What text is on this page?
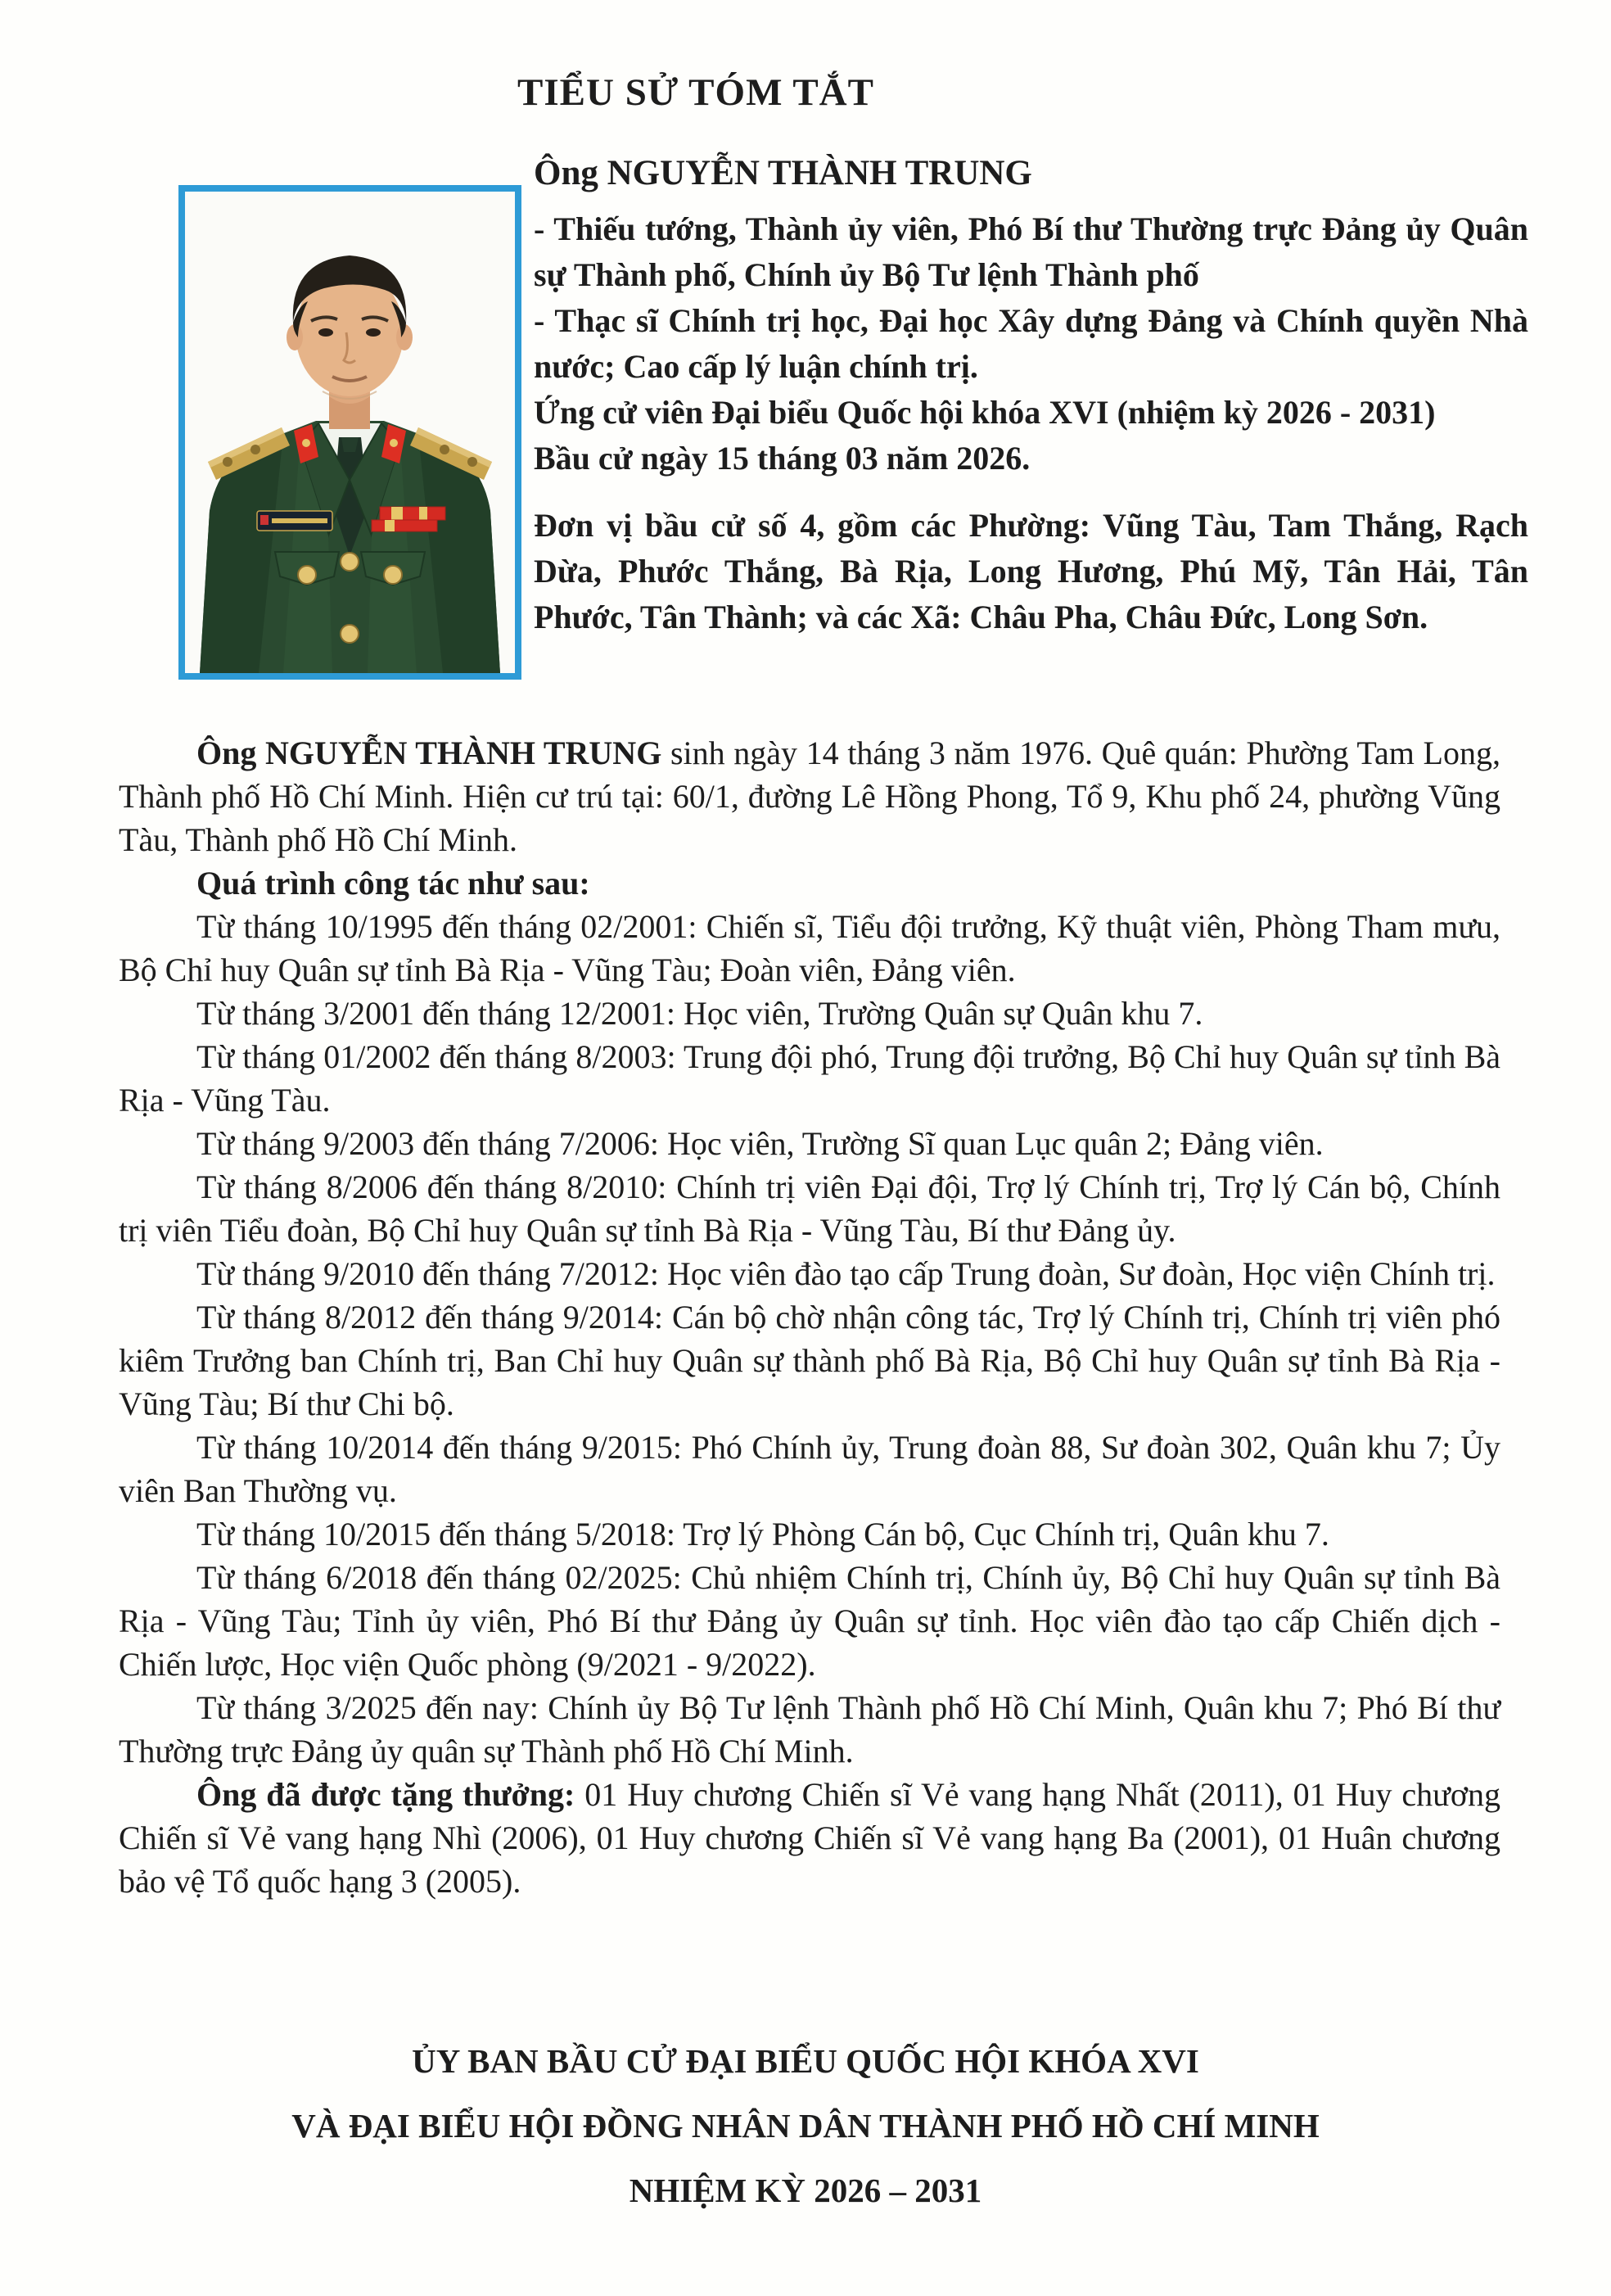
TIỂU SỬ TÓM TẮT
Ông NGUYỄN THÀNH TRUNG

- Thiếu tướng, Thành ủy viên, Phó Bí thư Thường trực Đảng ủy Quân sự Thành phố, Chính ủy Bộ Tư lệnh Thành phố

- Thạc sĩ Chính trị học, Đại học Xây dựng Đảng và Chính quyền Nhà nước; Cao cấp lý luận chính trị.

Ứng cử viên Đại biểu Quốc hội khóa XVI (nhiệm kỳ 2026 - 2031)

Bầu cử ngày 15 tháng 03 năm 2026.

Đơn vị bầu cử số 4, gồm các Phường: Vũng Tàu, Tam Thắng, Rạch Dừa, Phước Thắng, Bà Rịa, Long Hương, Phú Mỹ, Tân Hải, Tân Phước, Tân Thành; và các Xã: Châu Pha, Châu Đức, Long Sơn.

Ông NGUYỄN THÀNH TRUNG sinh ngày 14 tháng 3 năm 1976. Quê quán: Phường Tam Long, Thành phố Hồ Chí Minh. Hiện cư trú tại: 60/1, đường Lê Hồng Phong, Tổ 9, Khu phố 24, phường Vũng Tàu, Thành phố Hồ Chí Minh.

Quá trình công tác như sau:

Từ tháng 10/1995 đến tháng 02/2001: Chiến sĩ, Tiểu đội trưởng, Kỹ thuật viên, Phòng Tham mưu, Bộ Chỉ huy Quân sự tỉnh Bà Rịa - Vũng Tàu; Đoàn viên, Đảng viên.

Từ tháng 3/2001 đến tháng 12/2001: Học viên, Trường Quân sự Quân khu 7.

Từ tháng 01/2002 đến tháng 8/2003: Trung đội phó, Trung đội trưởng, Bộ Chỉ huy Quân sự tỉnh Bà Rịa - Vũng Tàu.

Từ tháng 9/2003 đến tháng 7/2006: Học viên, Trường Sĩ quan Lục quân 2; Đảng viên.

Từ tháng 8/2006 đến tháng 8/2010: Chính trị viên Đại đội, Trợ lý Chính trị, Trợ lý Cán bộ, Chính trị viên Tiểu đoàn, Bộ Chỉ huy Quân sự tỉnh Bà Rịa - Vũng Tàu, Bí thư Đảng ủy.

Từ tháng 9/2010 đến tháng 7/2012: Học viên đào tạo cấp Trung đoàn, Sư đoàn, Học viện Chính trị.

Từ tháng 8/2012 đến tháng 9/2014: Cán bộ chờ nhận công tác, Trợ lý Chính trị, Chính trị viên phó kiêm Trưởng ban Chính trị, Ban Chỉ huy Quân sự thành phố Bà Rịa, Bộ Chỉ huy Quân sự tỉnh Bà Rịa - Vũng Tàu; Bí thư Chi bộ.

Từ tháng 10/2014 đến tháng 9/2015: Phó Chính ủy, Trung đoàn 88, Sư đoàn 302, Quân khu 7; Ủy viên Ban Thường vụ.

Từ tháng 10/2015 đến tháng 5/2018: Trợ lý Phòng Cán bộ, Cục Chính trị, Quân khu 7.

Từ tháng 6/2018 đến tháng 02/2025: Chủ nhiệm Chính trị, Chính ủy, Bộ Chỉ huy Quân sự tỉnh Bà Rịa - Vũng Tàu; Tỉnh ủy viên, Phó Bí thư Đảng ủy Quân sự tỉnh. Học viên đào tạo cấp Chiến dịch - Chiến lược, Học viện Quốc phòng (9/2021 - 9/2022).

Từ tháng 3/2025 đến nay: Chính ủy Bộ Tư lệnh Thành phố Hồ Chí Minh, Quân khu 7; Phó Bí thư Thường trực Đảng ủy quân sự Thành phố Hồ Chí Minh.

Ông đã được tặng thưởng: 01 Huy chương Chiến sĩ Vẻ vang hạng Nhất (2011), 01 Huy chương Chiến sĩ Vẻ vang hạng Nhì (2006), 01 Huy chương Chiến sĩ Vẻ vang hạng Ba (2001), 01 Huân chương bảo vệ Tổ quốc hạng 3 (2005).

ỦY BAN BẦU CỬ ĐẠI BIỂU QUỐC HỘI KHÓA XVI

VÀ ĐẠI BIỂU HỘI ĐỒNG NHÂN DÂN THÀNH PHỐ HỒ CHÍ MINH

NHIỆM KỲ 2026 – 2031
